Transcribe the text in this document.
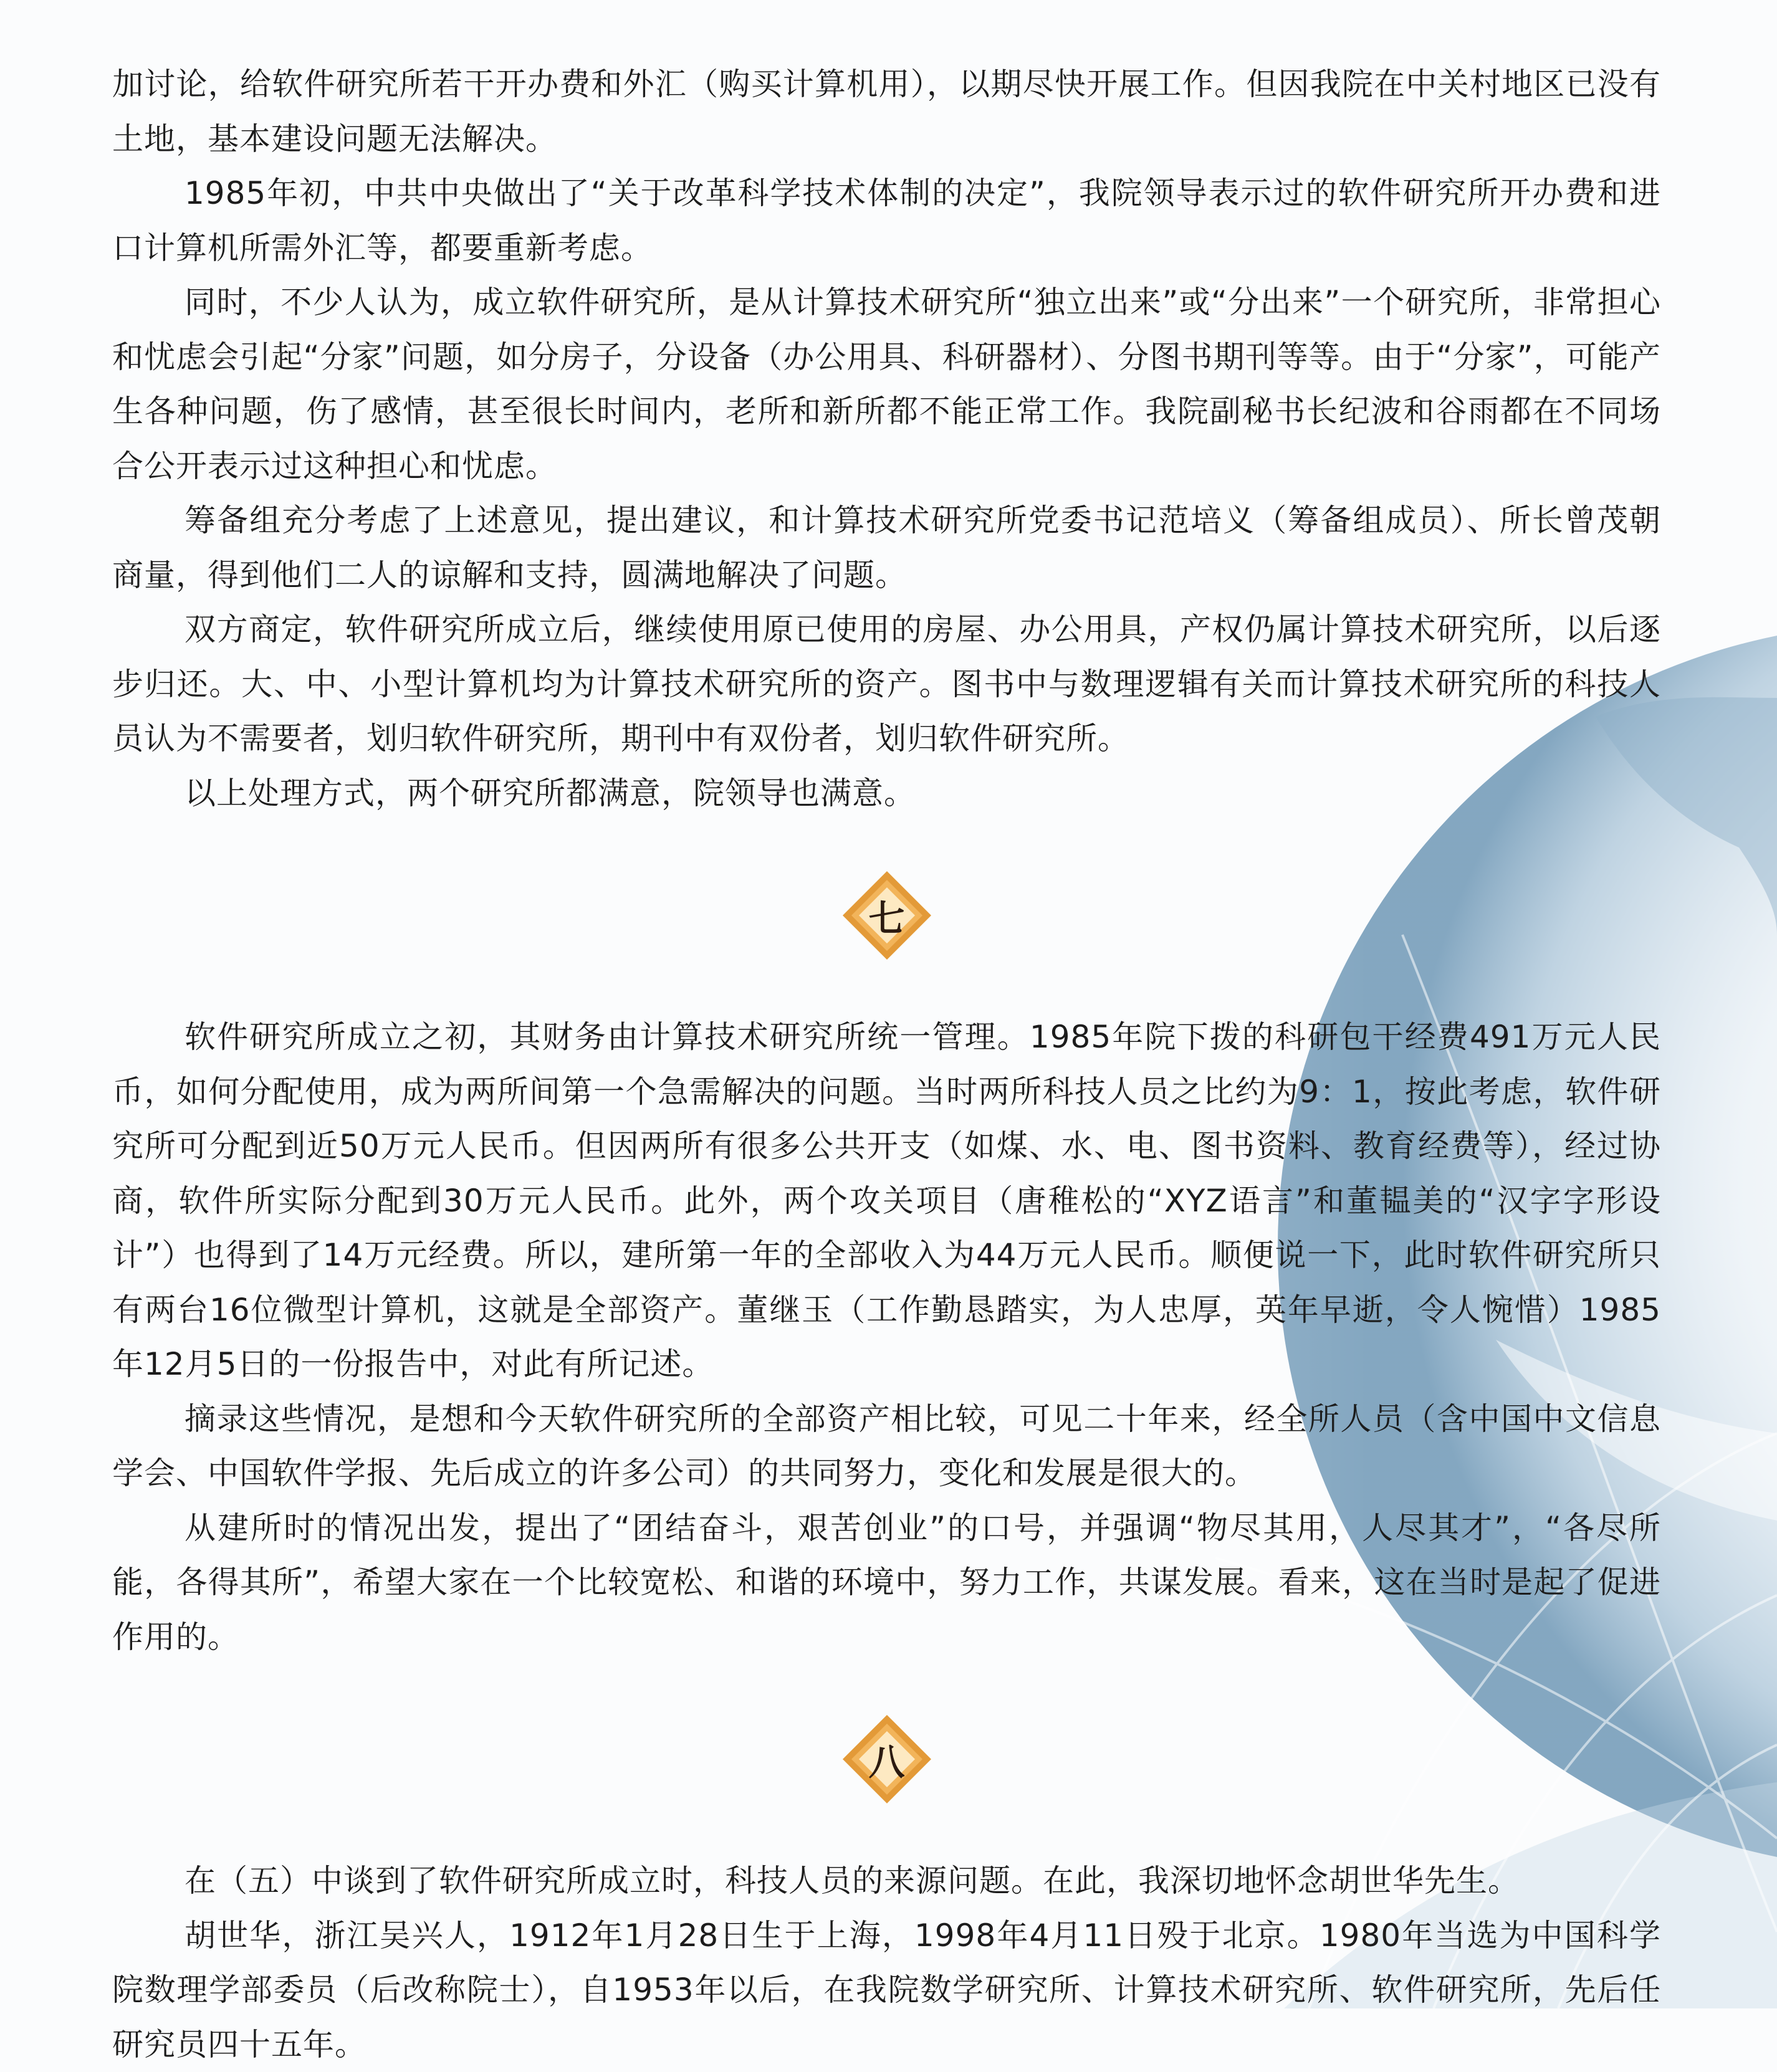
加讨论，给软件研究所若干开办费和外汇（购买计算机用），以期尽快开展工作。但因我院在中关村地区已没有土地，基本建设问题无法解决。

1985年初，中共中央做出了“关于改革科学技术体制的决定”，我院领导表示过的软件研究所开办费和进口计算机所需外汇等，都要重新考虑。

同时，不少人认为，成立软件研究所，是从计算技术研究所“独立出来”或“分出来”一个研究所，非常担心和忧虑会引起“分家”问题，如分房子，分设备（办公用具、科研器材）、分图书期刊等等。由于“分家”，可能产生各种问题，伤了感情，甚至很长时间内，老所和新所都不能正常工作。我院副秘书长纪波和谷雨都在不同场合公开表示过这种担心和忧虑。

筹备组充分考虑了上述意见，提出建议，和计算技术研究所党委书记范培义（筹备组成员）、所长曾茂朝商量，得到他们二人的谅解和支持，圆满地解决了问题。

双方商定，软件研究所成立后，继续使用原已使用的房屋、办公用具，产权仍属计算技术研究所，以后逐步归还。大、中、小型计算机均为计算技术研究所的资产。图书中与数理逻辑有关而计算技术研究所的科技人员认为不需要者，划归软件研究所，期刊中有双份者，划归软件研究所。

以上处理方式，两个研究所都满意，院领导也满意。

七

软件研究所成立之初，其财务由计算技术研究所统一管理。1985年院下拨的科研包干经费491万元人民币，如何分配使用，成为两所间第一个急需解决的问题。当时两所科技人员之比约为9：1，按此考虑，软件研究所可分配到近50万元人民币。但因两所有很多公共开支（如煤、水、电、图书资料、教育经费等），经过协商，软件所实际分配到30万元人民币。此外，两个攻关项目（唐稚松的“XYZ语言”和董韫美的“汉字字形设计”）也得到了14万元经费。所以，建所第一年的全部收入为44万元人民币。顺便说一下，此时软件研究所只有两台16位微型计算机，这就是全部资产。董继玉（工作勤恳踏实，为人忠厚，英年早逝，令人惋惜）1985年12月5日的一份报告中，对此有所记述。

摘录这些情况，是想和今天软件研究所的全部资产相比较，可见二十年来，经全所人员（含中国中文信息学会、中国软件学报、先后成立的许多公司）的共同努力，变化和发展是很大的。

从建所时的情况出发，提出了“团结奋斗，艰苦创业”的口号，并强调“物尽其用，人尽其才”，“各尽所能，各得其所”，希望大家在一个比较宽松、和谐的环境中，努力工作，共谋发展。看来，这在当时是起了促进作用的。

八

在（五）中谈到了软件研究所成立时，科技人员的来源问题。在此，我深切地怀念胡世华先生。

胡世华，浙江吴兴人，1912年1月28日生于上海，1998年4月11日殁于北京。1980年当选为中国科学院数理学部委员（后改称院士），自1953年以后，在我院数学研究所、计算技术研究所、软件研究所，先后任研究员四十五年。
